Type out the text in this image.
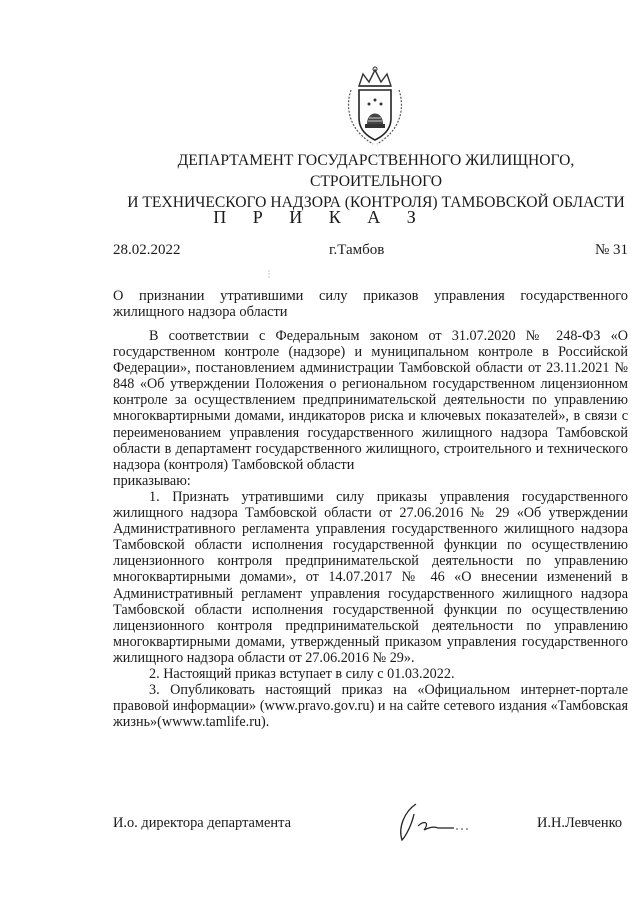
ДЕПАРТАМЕНТ ГОСУДАРСТВЕННОГО ЖИЛИЩНОГО, СТРОИТЕЛЬНОГО
И ТЕХНИЧЕСКОГО НАДЗОРА (КОНТРОЛЯ) ТАМБОВСКОЙ ОБЛАСТИ
П Р И К А З
28.02.2022	г.Тамбов	№ 31
О признании утратившими силу приказов управления государственного жилищного надзора области

В соответствии с Федеральным законом от 31.07.2020 № 248-ФЗ «О государственном контроле (надзоре) и муниципальном контроле в Российской Федерации», постановлением администрации Тамбовской области от 23.11.2021 № 848 «Об утверждении Положения о региональном государственном лицензионном контроле за осуществлением предпринимательской деятельности по управлению многоквартирными домами, индикаторов риска и ключевых показателей», в связи с переименованием управления государственного жилищного надзора Тамбовской области в департамент государственного жилищного, строительного и технического надзора (контроля) Тамбовской области

приказываю:

1. Признать утратившими силу приказы управления государственного жилищного надзора Тамбовской области от 27.06.2016 № 29 «Об утверждении Административного регламента управления государственного жилищного надзора Тамбовской области исполнения государственной функции по осуществлению лицензионного контроля предпринимательской деятельности по управлению многоквартирными домами», от 14.07.2017 № 46 «О внесении изменений в Административный регламент управления государственного жилищного надзора Тамбовской области исполнения государственной функции по осуществлению лицензионного контроля предпринимательской деятельности по управлению многоквартирными домами, утвержденный приказом управления государственного жилищного надзора области от 27.06.2016 № 29».

2. Настоящий приказ вступает в силу с 01.03.2022.

3. Опубликовать настоящий приказ на «Официальном интернет-портале правовой информации» (www.pravo.gov.ru) и на сайте сетевого издания «Тамбовская жизнь»(wwww.tamlife.ru).

И.о. директора департамента	И.Н.Левченко
